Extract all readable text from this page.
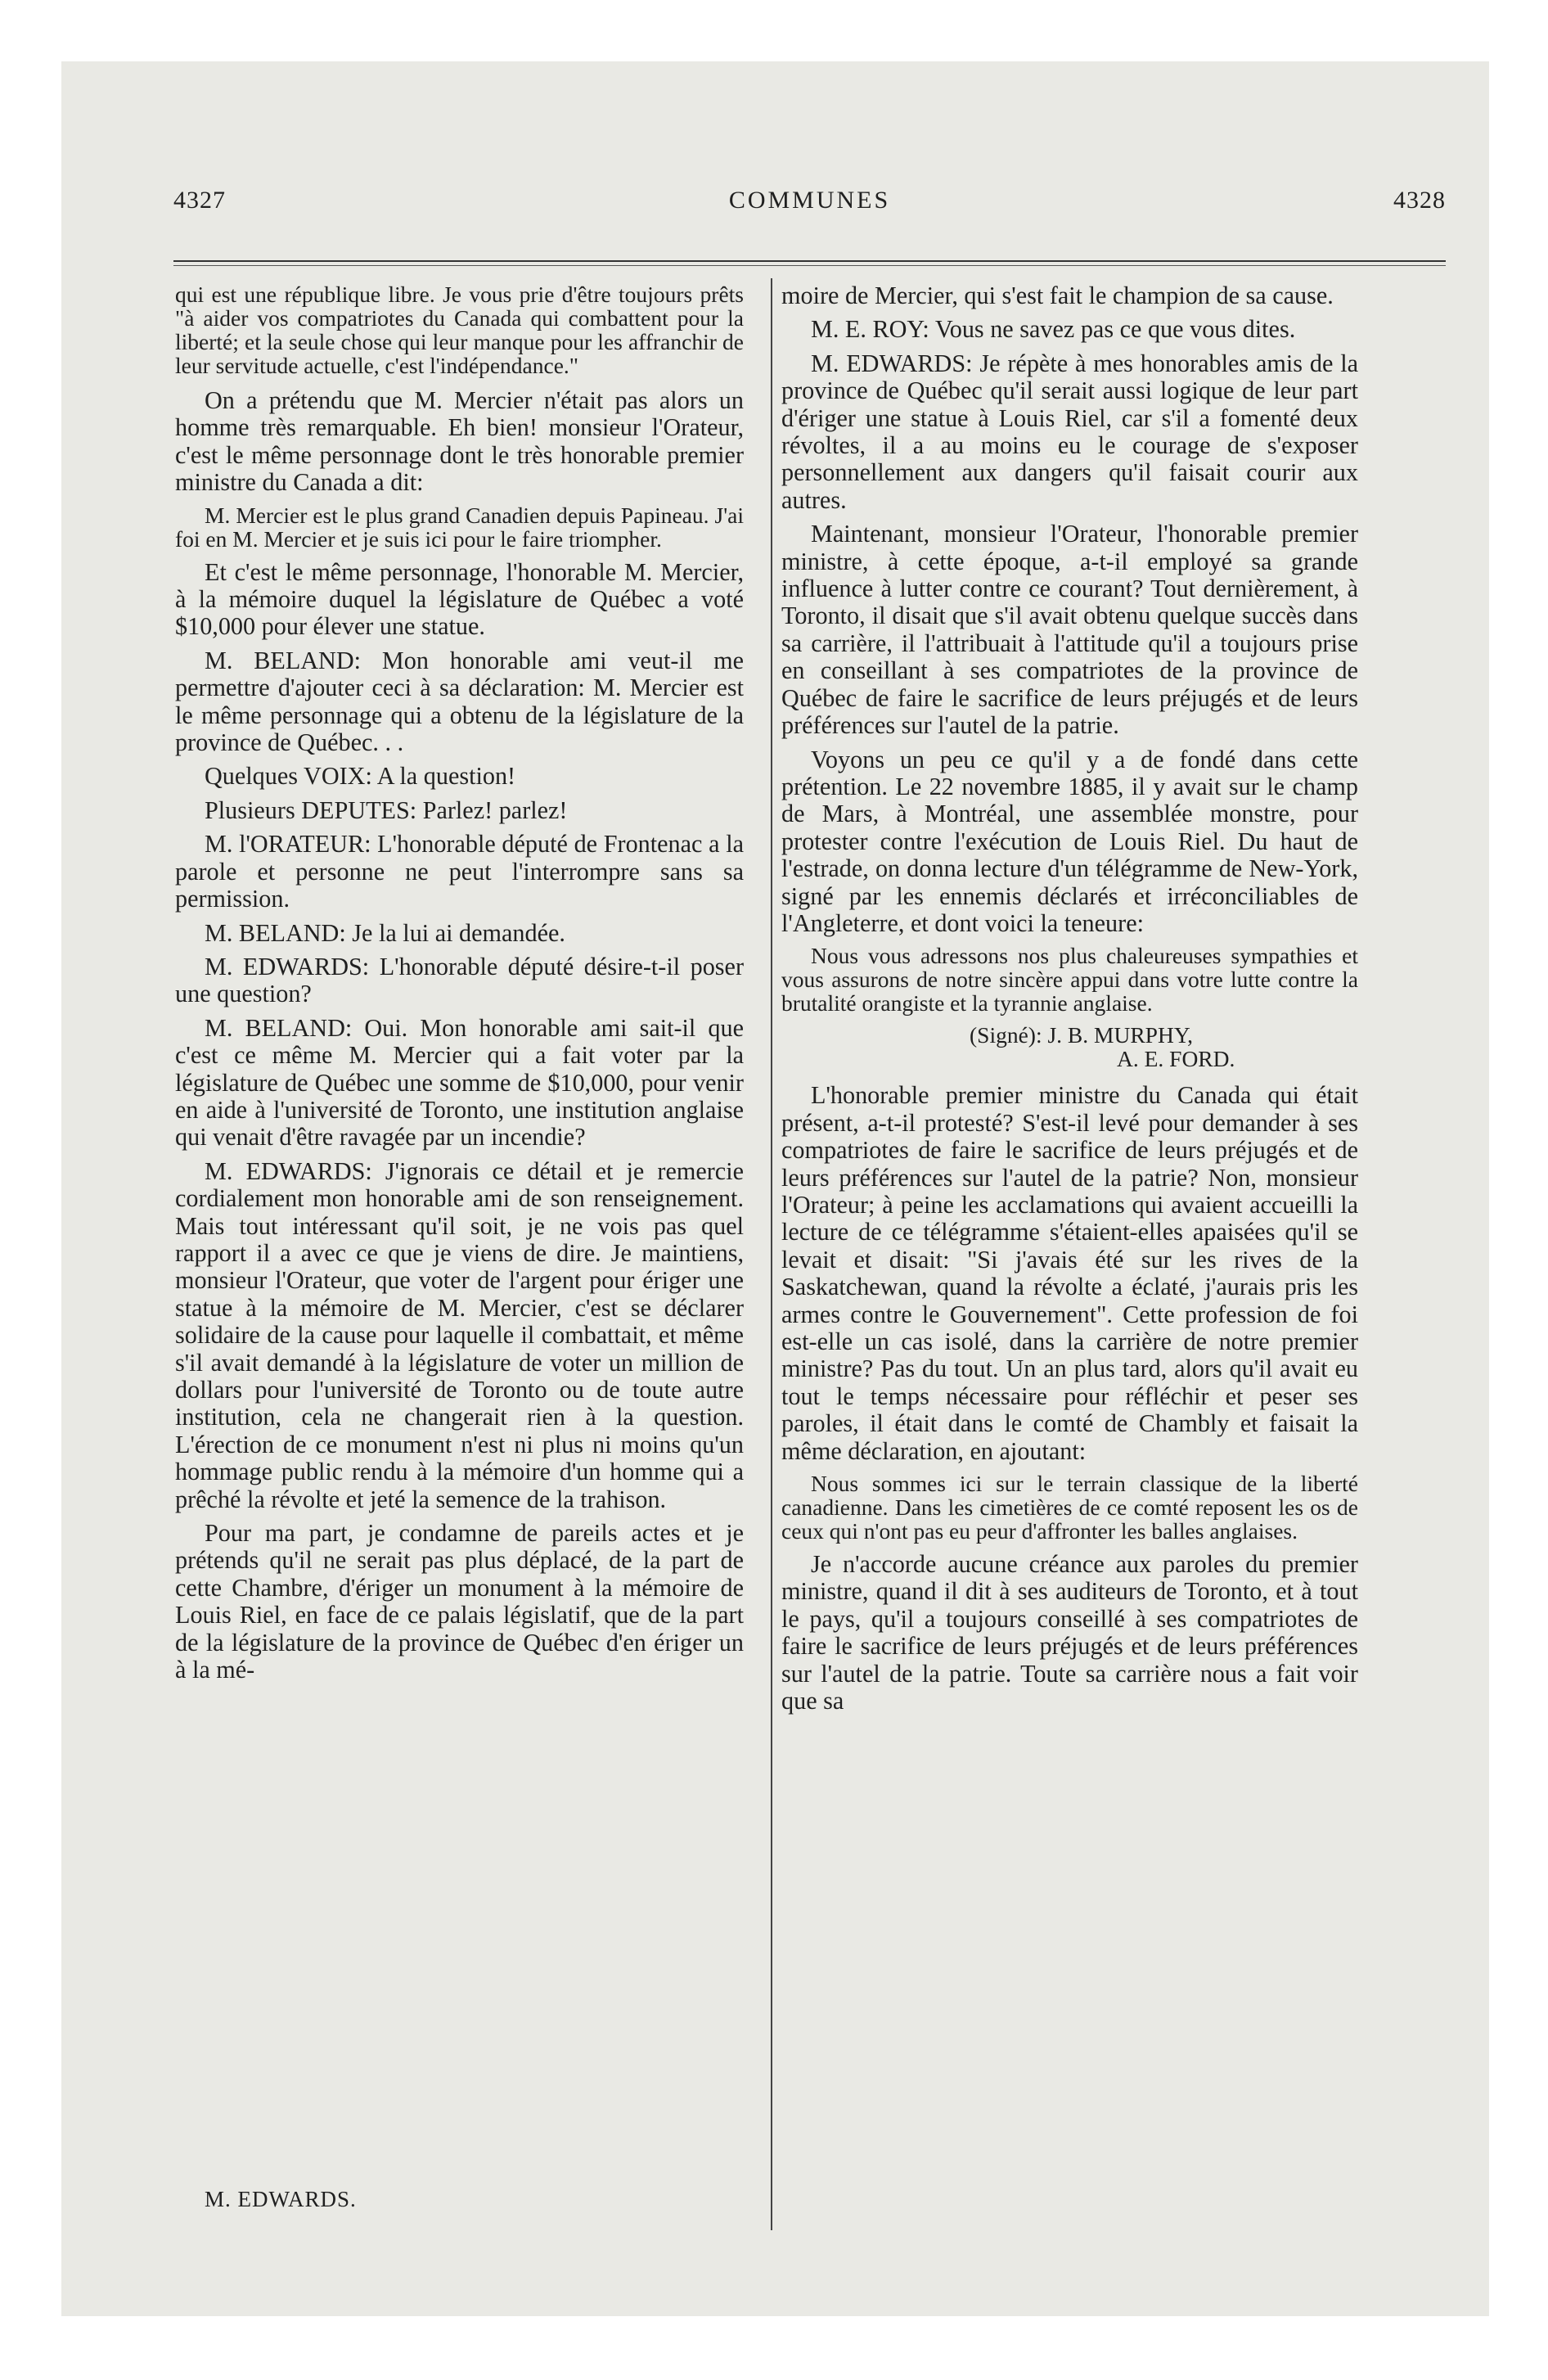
4327	COMMUNES	4328

qui est une république libre. Je vous prie d'être toujours prêts "à aider vos compatriotes du Canada qui combattent pour la liberté; et la seule chose qui leur manque pour les affranchir de leur servitude actuelle, c'est l'indépendance."

On a prétendu que M. Mercier n'était pas alors un homme très remarquable. Eh bien! monsieur l'Orateur, c'est le même personnage dont le très honorable premier ministre du Canada a dit:

M. Mercier est le plus grand Canadien depuis Papineau. J'ai foi en M. Mercier et je suis ici pour le faire triompher.

Et c'est le même personnage, l'honorable M. Mercier, à la mémoire duquel la législature de Québec a voté $10,000 pour élever une statue.

M. BELAND: Mon honorable ami veut-il me permettre d'ajouter ceci à sa déclaration: M. Mercier est le même personnage qui a obtenu de la législature de la province de Québec. . .

Quelques VOIX: A la question!

Plusieurs DEPUTES: Parlez! parlez!

M. l'ORATEUR: L'honorable député de Frontenac a la parole et personne ne peut l'interrompre sans sa permission.

M. BELAND: Je la lui ai demandée.

M. EDWARDS: L'honorable député désire-t-il poser une question?

M. BELAND: Oui. Mon honorable ami sait-il que c'est ce même M. Mercier qui a fait voter par la législature de Québec une somme de $10,000, pour venir en aide à l'université de Toronto, une institution anglaise qui venait d'être ravagée par un incendie?

M. EDWARDS: J'ignorais ce détail et je remercie cordialement mon honorable ami de son renseignement. Mais tout intéressant qu'il soit, je ne vois pas quel rapport il a avec ce que je viens de dire. Je maintiens, monsieur l'Orateur, que voter de l'argent pour ériger une statue à la mémoire de M. Mercier, c'est se déclarer solidaire de la cause pour laquelle il combattait, et même s'il avait demandé à la législature de voter un million de dollars pour l'université de Toronto ou de toute autre institution, cela ne changerait rien à la question. L'érection de ce monument n'est ni plus ni moins qu'un hommage public rendu à la mémoire d'un homme qui a prêché la révolte et jeté la semence de la trahison.

Pour ma part, je condamne de pareils actes et je prétends qu'il ne serait pas plus déplacé, de la part de cette Chambre, d'ériger un monument à la mémoire de Louis Riel, en face de ce palais législatif, que de la part de la législature de la province de Québec d'en ériger un à la mé-

M. EDWARDS.

moire de Mercier, qui s'est fait le champion de sa cause.

M. E. ROY: Vous ne savez pas ce que vous dites.

M. EDWARDS: Je répète à mes honorables amis de la province de Québec qu'il serait aussi logique de leur part d'ériger une statue à Louis Riel, car s'il a fomenté deux révoltes, il a au moins eu le courage de s'exposer personnellement aux dangers qu'il faisait courir aux autres.

Maintenant, monsieur l'Orateur, l'honorable premier ministre, à cette époque, a-t-il employé sa grande influence à lutter contre ce courant? Tout dernièrement, à Toronto, il disait que s'il avait obtenu quelque succès dans sa carrière, il l'attribuait à l'attitude qu'il a toujours prise en conseillant à ses compatriotes de la province de Québec de faire le sacrifice de leurs préjugés et de leurs préférences sur l'autel de la patrie.

Voyons un peu ce qu'il y a de fondé dans cette prétention. Le 22 novembre 1885, il y avait sur le champ de Mars, à Montréal, une assemblée monstre, pour protester contre l'exécution de Louis Riel. Du haut de l'estrade, on donna lecture d'un télégramme de New-York, signé par les ennemis déclarés et irréconciliables de l'Angleterre, et dont voici la teneure:

Nous vous adressons nos plus chaleureuses sympathies et vous assurons de notre sincère appui dans votre lutte contre la brutalité orangiste et la tyrannie anglaise.

(Signé): J. B. MURPHY,
A. E. FORD.

L'honorable premier ministre du Canada qui était présent, a-t-il protesté? S'est-il levé pour demander à ses compatriotes de faire le sacrifice de leurs préjugés et de leurs préférences sur l'autel de la patrie? Non, monsieur l'Orateur; à peine les acclamations qui avaient accueilli la lecture de ce télégramme s'étaient-elles apaisées qu'il se levait et disait: "Si j'avais été sur les rives de la Saskatchewan, quand la révolte a éclaté, j'aurais pris les armes contre le Gouvernement". Cette profession de foi est-elle un cas isolé, dans la carrière de notre premier ministre? Pas du tout. Un an plus tard, alors qu'il avait eu tout le temps nécessaire pour réfléchir et peser ses paroles, il était dans le comté de Chambly et faisait la même déclaration, en ajoutant:

Nous sommes ici sur le terrain classique de la liberté canadienne. Dans les cimetières de ce comté reposent les os de ceux qui n'ont pas eu peur d'affronter les balles anglaises.

Je n'accorde aucune créance aux paroles du premier ministre, quand il dit à ses auditeurs de Toronto, et à tout le pays, qu'il a toujours conseillé à ses compatriotes de faire le sacrifice de leurs préjugés et de leurs préférences sur l'autel de la patrie. Toute sa carrière nous a fait voir que sa
